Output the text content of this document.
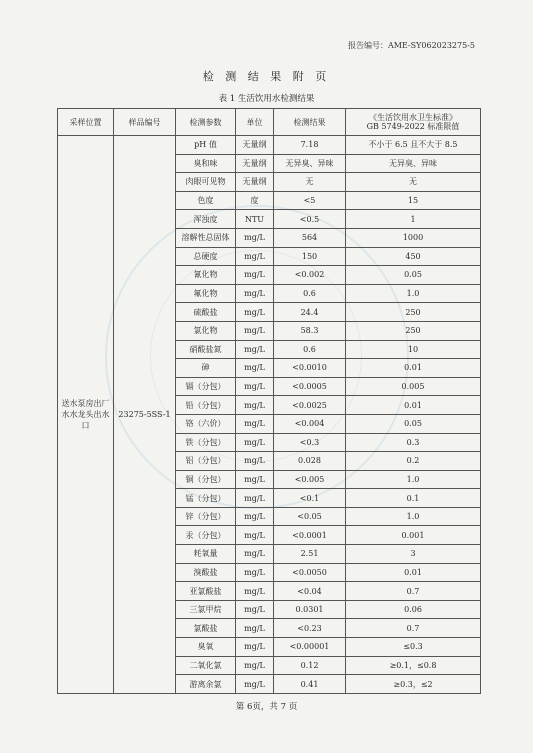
报告编号：AME-SY062023275-5
检 测 结 果 附 页
表 1 生活饮用水检测结果
采样位置	样品编号	检测参数	单位	检测结果	《生活饮用水卫生标准》
GB 5749-2022 标准限值

送水泵房出厂水水龙头出水口	23275-5SS-1	pH 值	无量纲	7.18	不小于 6.5 且不大于 8.5
		臭和味	无量纲	无异臭、异味	无异臭、异味
		肉眼可见物	无量纲	无	无
		色度	度	<5	15
		浑浊度	NTU	<0.5	1
		溶解性总固体	mg/L	564	1000
		总硬度	mg/L	150	450
		氰化物	mg/L	<0.002	0.05
		氟化物	mg/L	0.6	1.0
		硫酸盐	mg/L	24.4	250
		氯化物	mg/L	58.3	250
		硝酸盐氮	mg/L	0.6	10
		砷	mg/L	<0.0010	0.01
		镉（分包）	mg/L	<0.0005	0.005
		铅（分包）	mg/L	<0.0025	0.01
		铬（六价）	mg/L	<0.004	0.05
		铁（分包）	mg/L	<0.3	0.3
		铝（分包）	mg/L	0.028	0.2
		铜（分包）	mg/L	<0.005	1.0
		锰（分包）	mg/L	<0.1	0.1
		锌（分包）	mg/L	<0.05	1.0
		汞（分包）	mg/L	<0.0001	0.001
		耗氧量	mg/L	2.51	3
		溴酸盐	mg/L	<0.0050	0.01
		亚氯酸盐	mg/L	<0.04	0.7
		三氯甲烷	mg/L	0.0301	0.06
		氯酸盐	mg/L	<0.23	0.7
		臭氧	mg/L	<0.00001	≤0.3
		二氧化氯	mg/L	0.12	≥0.1，≤0.8
		游离余氯	mg/L	0.41	≥0.3，≤2
第 6页，共 7 页
